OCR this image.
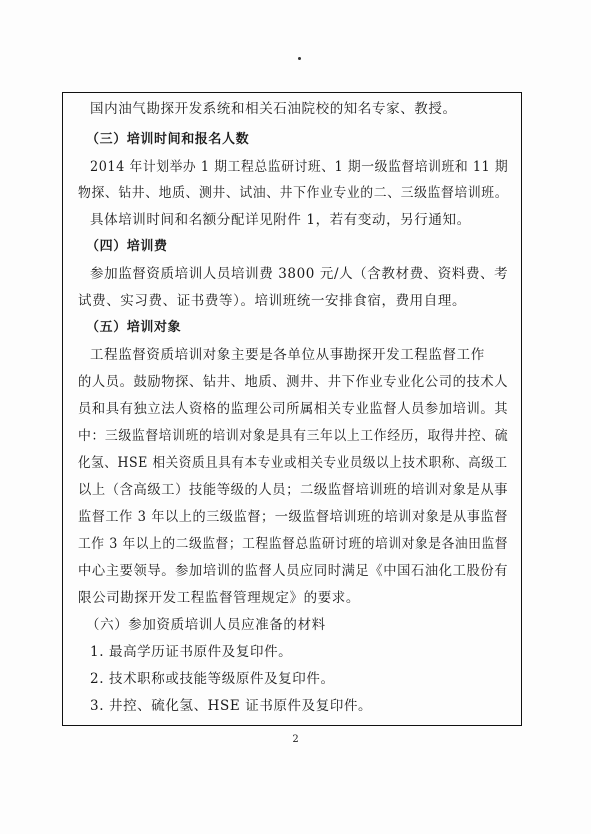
国内油气勘探开发系统和相关石油院校的知名专家、教授。
（三）培训时间和报名人数
2014 年计划举办 1 期工程总监研讨班、1 期一级监督培训班和 11 期
物探、钻井、地质、测井、试油、井下作业专业的二、三级监督培训班。
具体培训时间和名额分配详见附件 1，若有变动，另行通知。
（四）培训费
参加监督资质培训人员培训费 3800 元/人（含教材费、资料费、考
试费、实习费、证书费等）。培训班统一安排食宿，费用自理。
（五）培训对象
工程监督资质培训对象主要是各单位从事勘探开发工程监督工作
的人员。鼓励物探、钻井、地质、测井、井下作业专业化公司的技术人
员和具有独立法人资格的监理公司所属相关专业监督人员参加培训。其
中：三级监督培训班的培训对象是具有三年以上工作经历，取得井控、硫
化氢、HSE 相关资质且具有本专业或相关专业员级以上技术职称、高级工
以上（含高级工）技能等级的人员；二级监督培训班的培训对象是从事
监督工作 3 年以上的三级监督；一级监督培训班的培训对象是从事监督
工作 3 年以上的二级监督；工程监督总监研讨班的培训对象是各油田监督
中心主要领导。参加培训的监督人员应同时满足《中国石油化工股份有
限公司勘探开发工程监督管理规定》的要求。
（六）参加资质培训人员应准备的材料
1. 最高学历证书原件及复印件。
2. 技术职称或技能等级原件及复印件。
3. 井控、硫化氢、HSE 证书原件及复印件。
2
